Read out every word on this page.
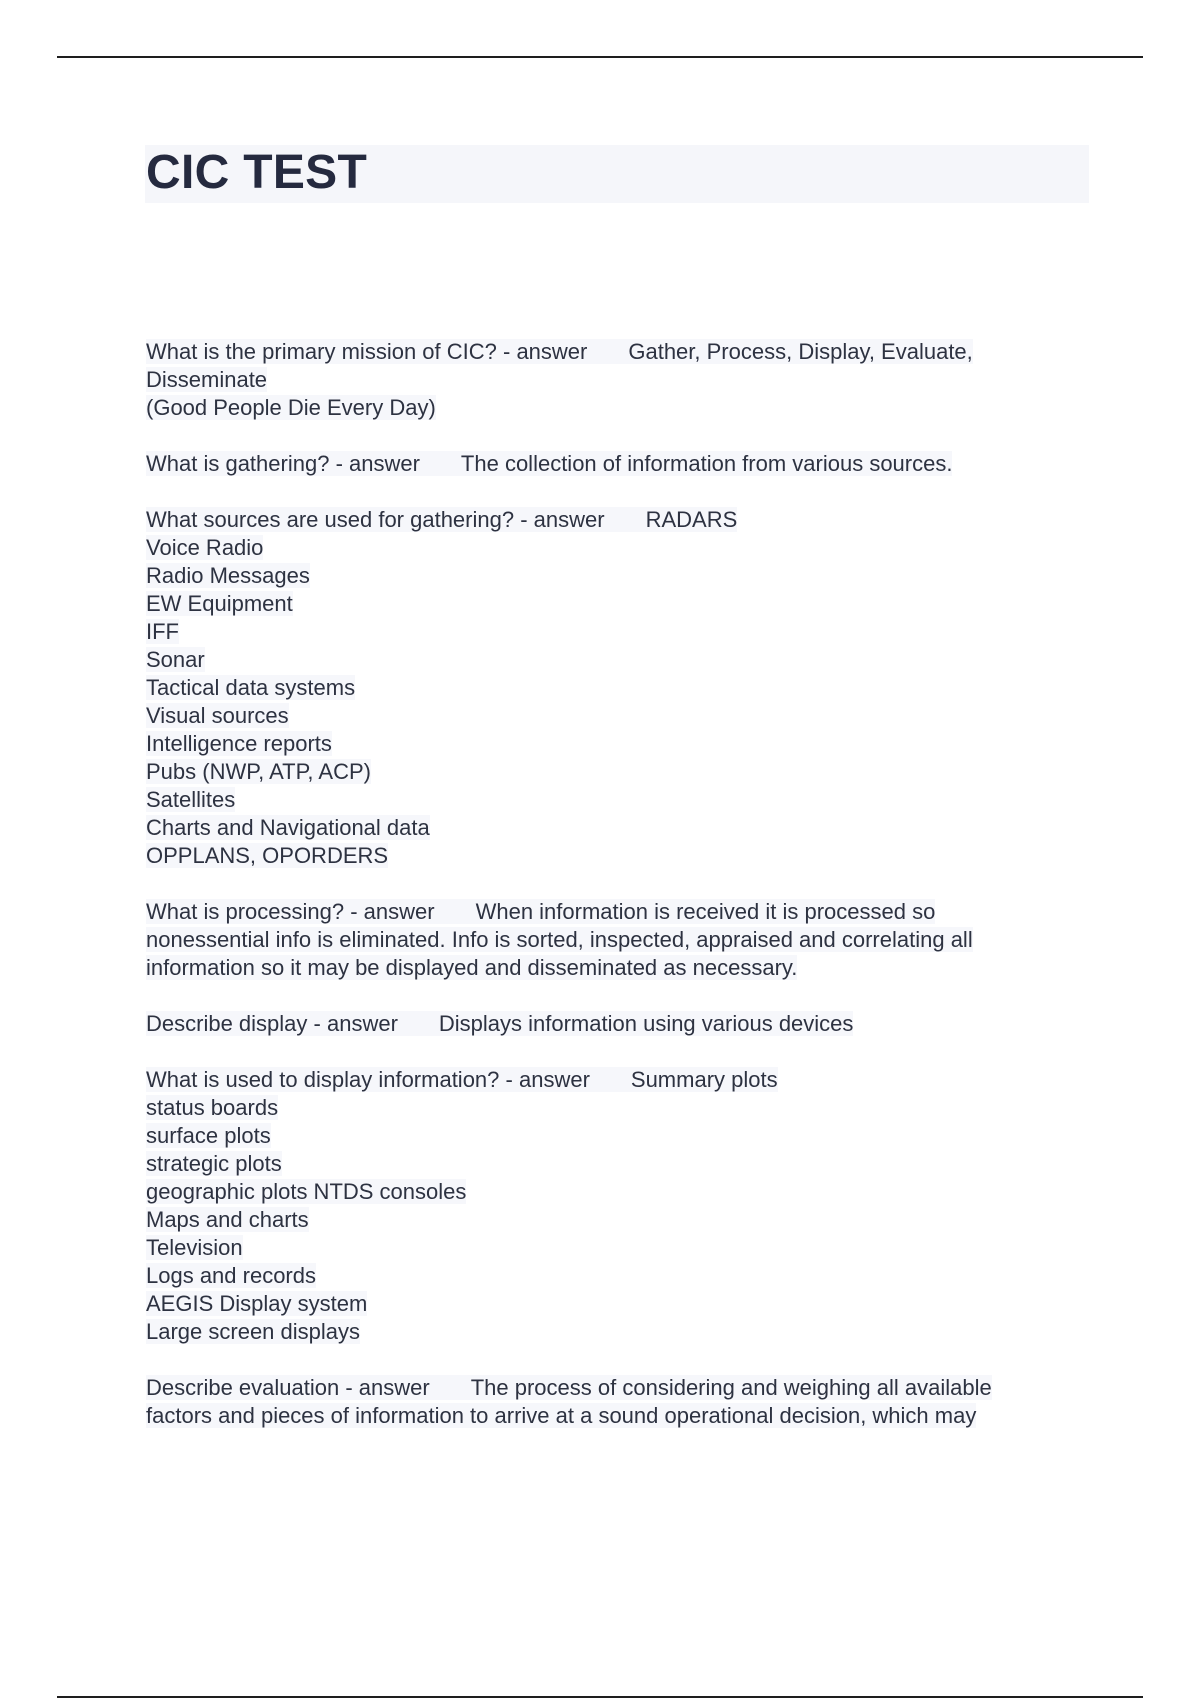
CIC TEST
What is the primary mission of CIC? - answer Gather, Process, Display, Evaluate,
Disseminate
(Good People Die Every Day)
What is gathering? - answer The collection of information from various sources.
What sources are used for gathering? - answer RADARS
Voice Radio
Radio Messages
EW Equipment
IFF
Sonar
Tactical data systems
Visual sources
Intelligence reports
Pubs (NWP, ATP, ACP)
Satellites
Charts and Navigational data
OPPLANS, OPORDERS
What is processing? - answer When information is received it is processed so
nonessential info is eliminated. Info is sorted, inspected, appraised and correlating all
information so it may be displayed and disseminated as necessary.
Describe display - answer Displays information using various devices
What is used to display information? - answer Summary plots
status boards
surface plots
strategic plots
geographic plots NTDS consoles
Maps and charts
Television
Logs and records
AEGIS Display system
Large screen displays
Describe evaluation - answer The process of considering and weighing all available
factors and pieces of information to arrive at a sound operational decision, which may
